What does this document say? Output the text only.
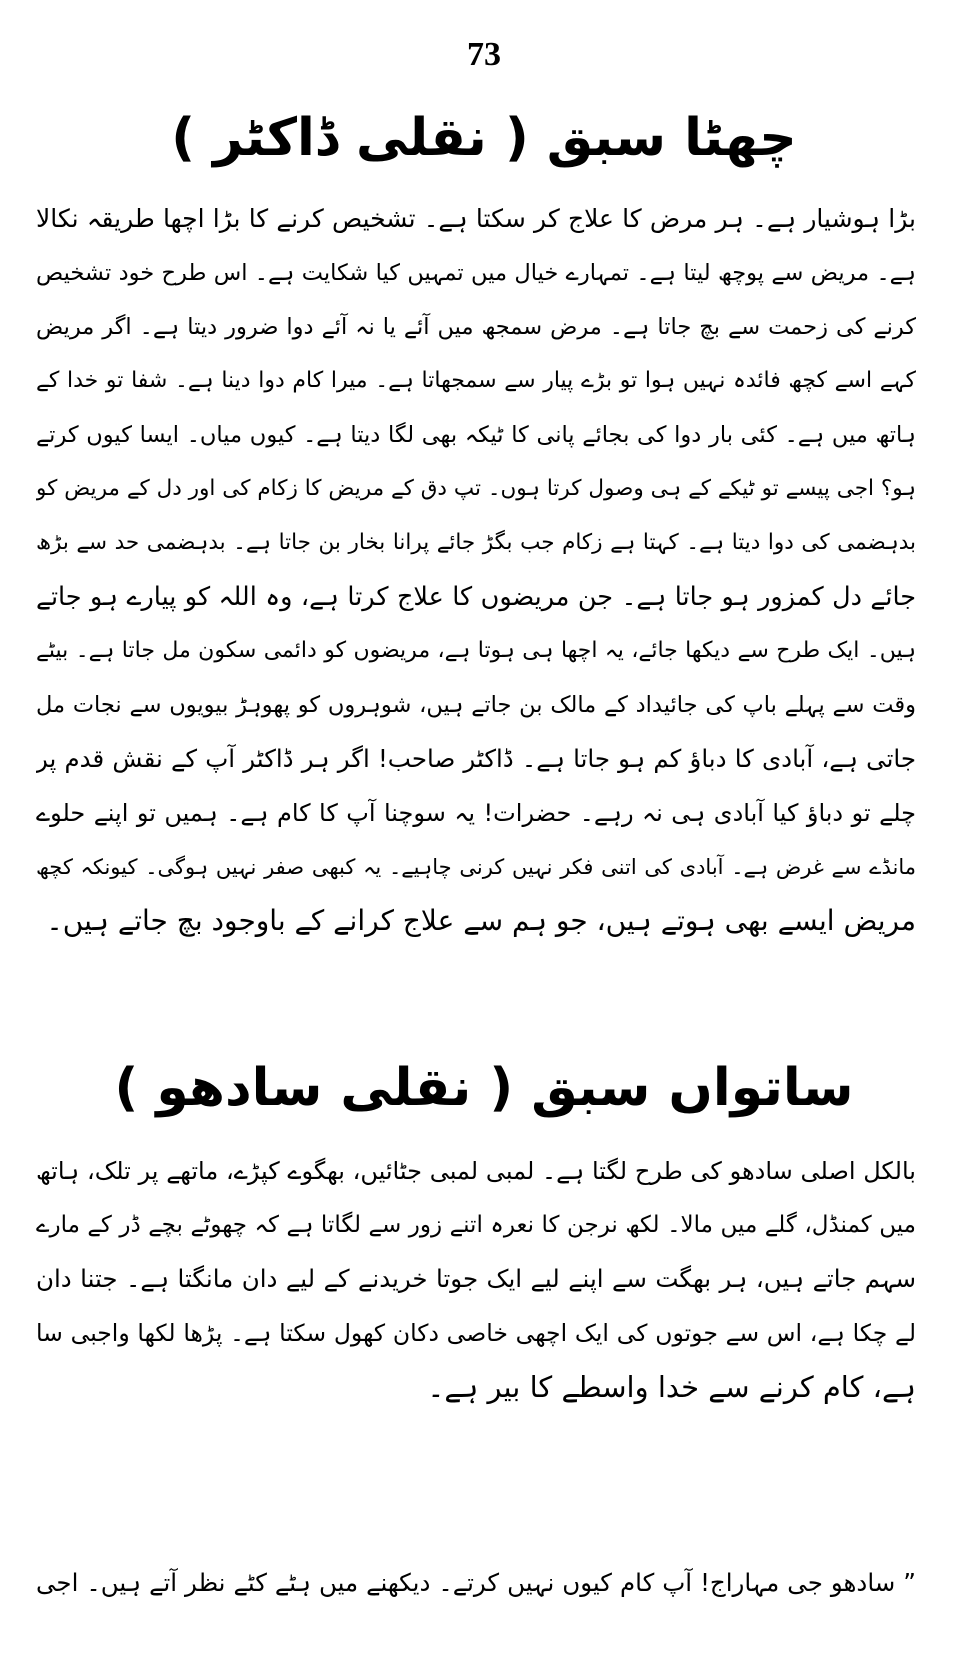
73
چھٹا سبق ( نقلی ڈاکٹر )
بڑا ہوشیار ہے۔ ہر مرض کا علاج کر سکتا ہے۔ تشخیص کرنے کا بڑا اچھا طریقہ نکالا
ہے۔ مریض سے پوچھ لیتا ہے۔ تمہارے خیال میں تمہیں کیا شکایت ہے۔ اس طرح خود تشخیص
کرنے کی زحمت سے بچ جاتا ہے۔ مرض سمجھ میں آئے یا نہ آئے دوا ضرور دیتا ہے۔ اگر مریض
کہے اسے کچھ فائدہ نہیں ہوا تو بڑے پیار سے سمجھاتا ہے۔ میرا کام دوا دینا ہے۔ شفا تو خدا کے
ہاتھ میں ہے۔ کئی بار دوا کی بجائے پانی کا ٹیکہ بھی لگا دیتا ہے۔ کیوں میاں۔ ایسا کیوں کرتے
ہو؟ اجی پیسے تو ٹیکے کے ہی وصول کرتا ہوں۔ تپ دق کے مریض کا زکام کی اور دل کے مریض کو
بدہضمی کی دوا دیتا ہے۔ کہتا ہے زکام جب بگڑ جائے پرانا بخار بن جاتا ہے۔ بدہضمی حد سے بڑھ
جائے دل کمزور ہو جاتا ہے۔ جن مریضوں کا علاج کرتا ہے، وہ اللہ کو پیارے ہو جاتے
ہیں۔ ایک طرح سے دیکھا جائے، یہ اچھا ہی ہوتا ہے، مریضوں کو دائمی سکون مل جاتا ہے۔ بیٹے
وقت سے پہلے باپ کی جائیداد کے مالک بن جاتے ہیں، شوہروں کو پھوہڑ بیویوں سے نجات مل
جاتی ہے، آبادی کا دباؤ کم ہو جاتا ہے۔ ڈاکٹر صاحب! اگر ہر ڈاکٹر آپ کے نقش قدم پر
چلے تو دباؤ کیا آبادی ہی نہ رہے۔ حضرات! یہ سوچنا آپ کا کام ہے۔ ہمیں تو اپنے حلوے
مانڈے سے غرض ہے۔ آبادی کی اتنی فکر نہیں کرنی چاہیے۔ یہ کبھی صفر نہیں ہوگی۔ کیونکہ کچھ
مریض ایسے بھی ہوتے ہیں، جو ہم سے علاج کرانے کے باوجود بچ جاتے ہیں۔
ساتواں سبق ( نقلی سادھو )
بالکل اصلی سادھو کی طرح لگتا ہے۔ لمبی لمبی جٹائیں، بھگوے کپڑے، ماتھے پر تلک، ہاتھ
میں کمنڈل، گلے میں مالا۔ لکھ نرجن کا نعرہ اتنے زور سے لگاتا ہے کہ چھوٹے بچے ڈر کے مارے
سہم جاتے ہیں، ہر بھگت سے اپنے لیے ایک جوتا خریدنے کے لیے دان مانگتا ہے۔ جتنا دان
لے چکا ہے، اس سے جوتوں کی ایک اچھی خاصی دکان کھول سکتا ہے۔ پڑھا لکھا واجبی سا
ہے، کام کرنے سے خدا واسطے کا بیر ہے۔
” سادھو جی مہاراج! آپ کام کیوں نہیں کرتے۔ دیکھنے میں ہٹے کٹے نظر آتے ہیں۔ اجی
